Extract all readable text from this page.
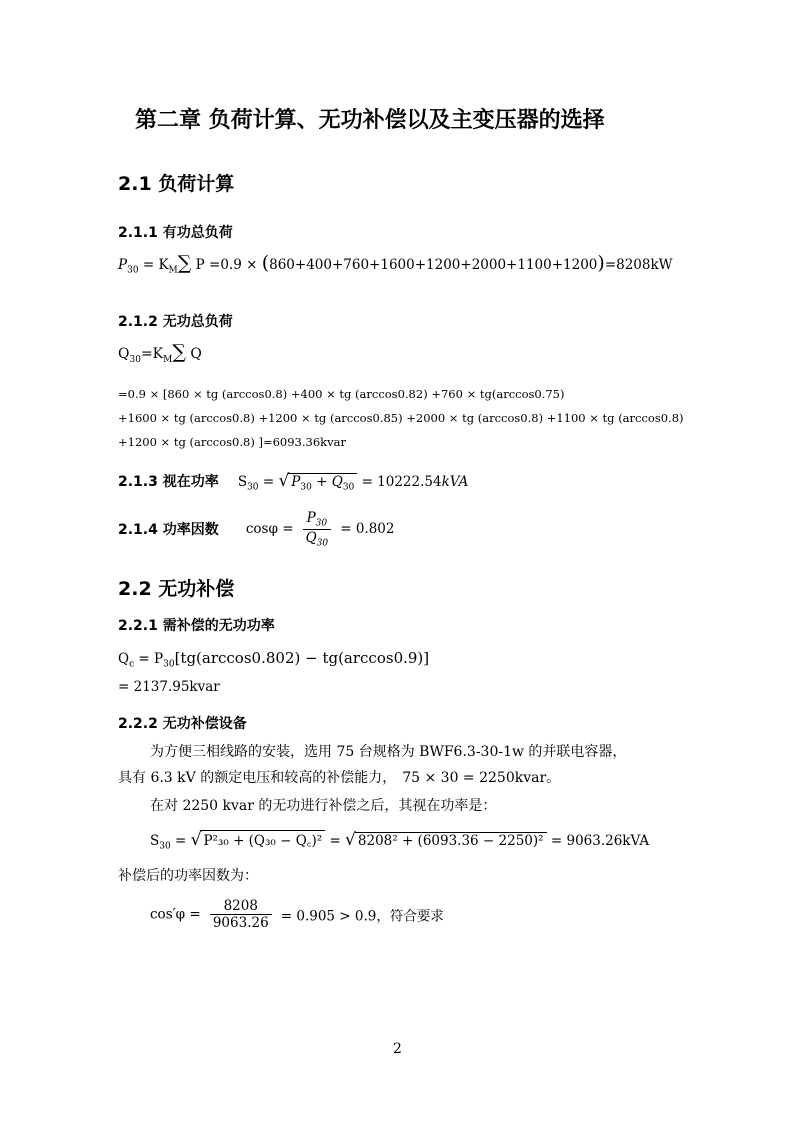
第二章 负荷计算、无功补偿以及主变压器的选择
2.1 负荷计算
2.1.1 有功总负荷
$P_{30} = K_M\sum$ P =0.9 × (860+400+760+1600+1200+2000+1100+1200)=8208kW
2.1.2 无功总负荷
$Q_{30}=K_M\sum$ Q
=0.9 × [860 × tg (arccos0.8) +400 × tg (arccos0.82) +760 × tg(arccos0.75)
+1600 × tg (arccos0.8) +1200 × tg (arccos0.85) +2000 × tg (arccos0.8) +1100 × tg (arccos0.8)
+1200 × tg (arccos0.8) ]=6093.36kvar
2.1.3 视在功率 $S_{30}$ = √ $P_{30} + Q_{30} = 10222.54kVA$
2.1.4 功率因数 $\cos\varphi = \frac{P_{30}}{Q_{30}} = 0.802$
2.2 无功补偿
2.2.1 需补偿的无功功率
$Q_c = P_{30}[tg(\arccos 0.802) - tg(\arccos 0.9)]$
= 2137.95kvar
2.2.2 无功补偿设备
为方便三相线路的安装，选用 75 台规格为 BWF6.3-30-1w 的并联电容器，
具有 6.3 kV 的额定电压和较高的补偿能力， 75 × 30 = 2250kvar。
在对 2250 kvar 的无功进行补偿之后，其视在功率是：
$S_{30}$ = √ P²₃₀ + (Q₃₀ − Q꜀)² = √ 8208² + (6093.36 − 2250)² = 9063.26kVA
补偿后的功率因数为：
$\cos'\varphi = \frac{8208}{9063.26} = 0.905 > 0.9$，符合要求
2
